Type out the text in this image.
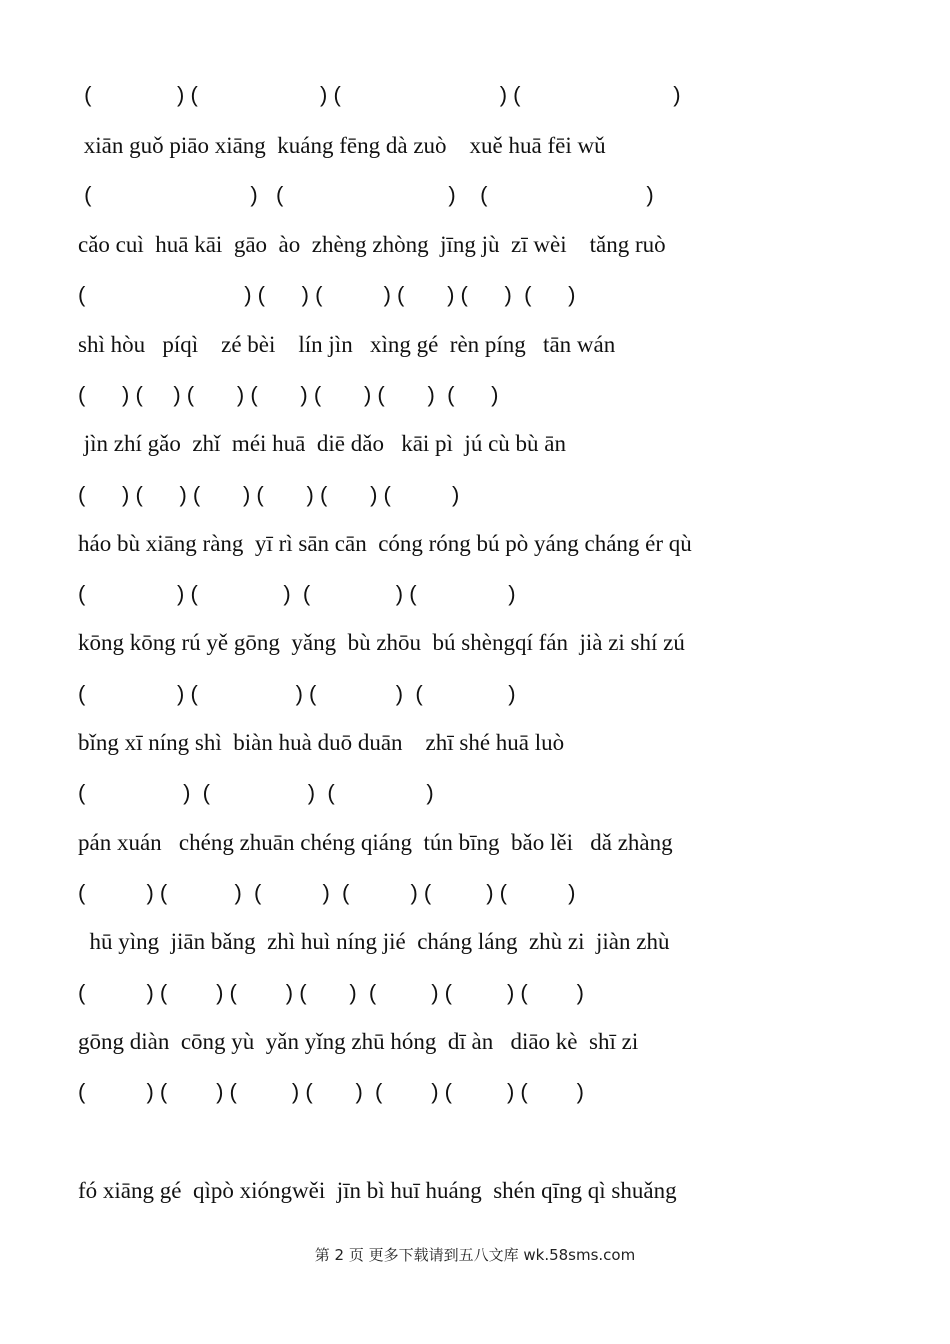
(              ) (                    ) (                          ) (                         )
xiān guǒ piāo xiāng  kuáng fēng dà zuò    xuě huā fēi wǔ
(                          )   (                           )    (                          )
cǎo cuì  huā kāi  gāo  ào  zhèng zhòng  jīng jù  zī wèi    tǎng ruò
(                          ) (      ) (          ) (       ) (      )  (      )
shì hòu   píqì    zé bèi    lín jìn   xìng gé  rèn píng   tān wán
(      ) (     ) (       ) (       ) (       ) (       )  (      )
jìn zhí gǎo  zhǐ  méi huā  diē dǎo   kāi pì  jú cù bù ān
(      ) (      ) (       ) (       ) (       ) (          )
háo bù xiāng ràng  yī rì sān cān  cóng róng bú pò yáng cháng ér qù
(               ) (              )  (              ) (               )
kōng kōng rú yě gōng  yǎng  bù zhōu  bú shèngqí fán  jià zi shí zú
(               ) (                ) (             )  (              )
bǐng xī níng shì  biàn huà duō duān    zhī shé huā luò
(                )  (                )  (               )
pán xuán   chéng zhuān chéng qiáng  tún bīng  bǎo lěi   dǎ zhàng
(          ) (           )  (          )  (          ) (         ) (          )
hū yìng  jiān bǎng  zhì huì níng jié  cháng láng  zhù zi  jiàn zhù
(          ) (        ) (        ) (       )  (         ) (         ) (        )
gōng diàn  cōng yù  yǎn yǐng zhū hóng  dī àn   diāo kè  shī zi
(          ) (        ) (         ) (       )  (        ) (         ) (        )
fó xiāng gé  qìpò xióngwěi  jīn bì huī huáng  shén qīng qì shuǎng
第 2 页 更多下载请到五八文库 wk.58sms.com
